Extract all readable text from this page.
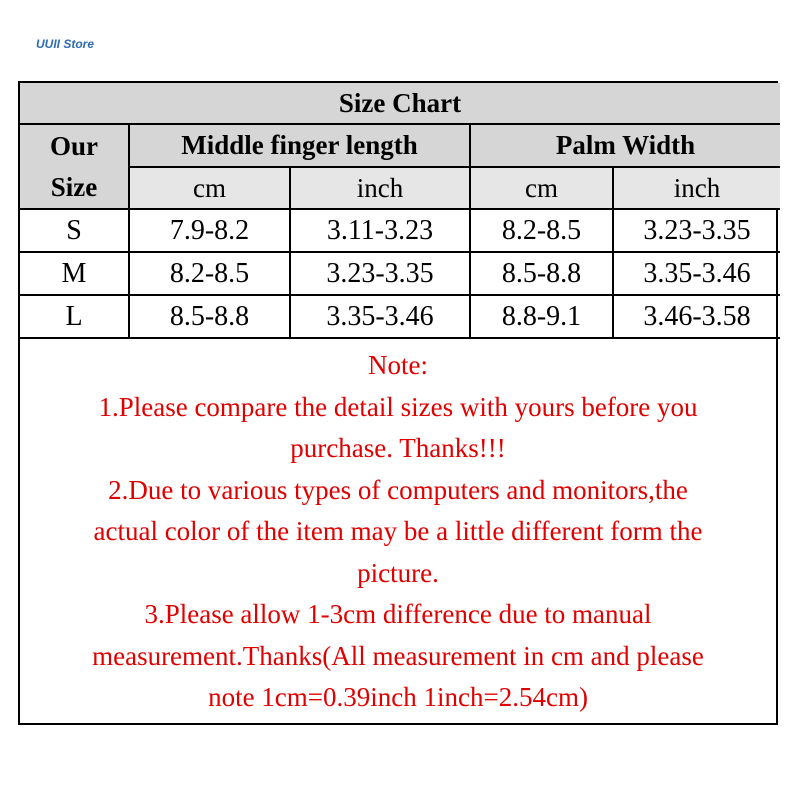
UUII Store
Size Chart				

Our
Size	Middle finger length		Palm Width	
	cm	inch	cm	inch
S	7.9-8.2	3.11-3.23	8.2-8.5	3.23-3.35
M	8.2-8.5	3.23-3.35	8.5-8.8	3.35-3.46
L	8.5-8.8	3.35-3.46	8.8-9.1	3.46-3.58
Note:
1.Please compare the detail sizes with yours before you
purchase. Thanks!!!
2.Due to various types of computers and monitors,the
actual color of the item may be a little different form the
picture.
3.Please allow 1-3cm difference due to manual
measurement.Thanks(All measurement in cm and please
note 1cm=0.39inch 1inch=2.54cm)
